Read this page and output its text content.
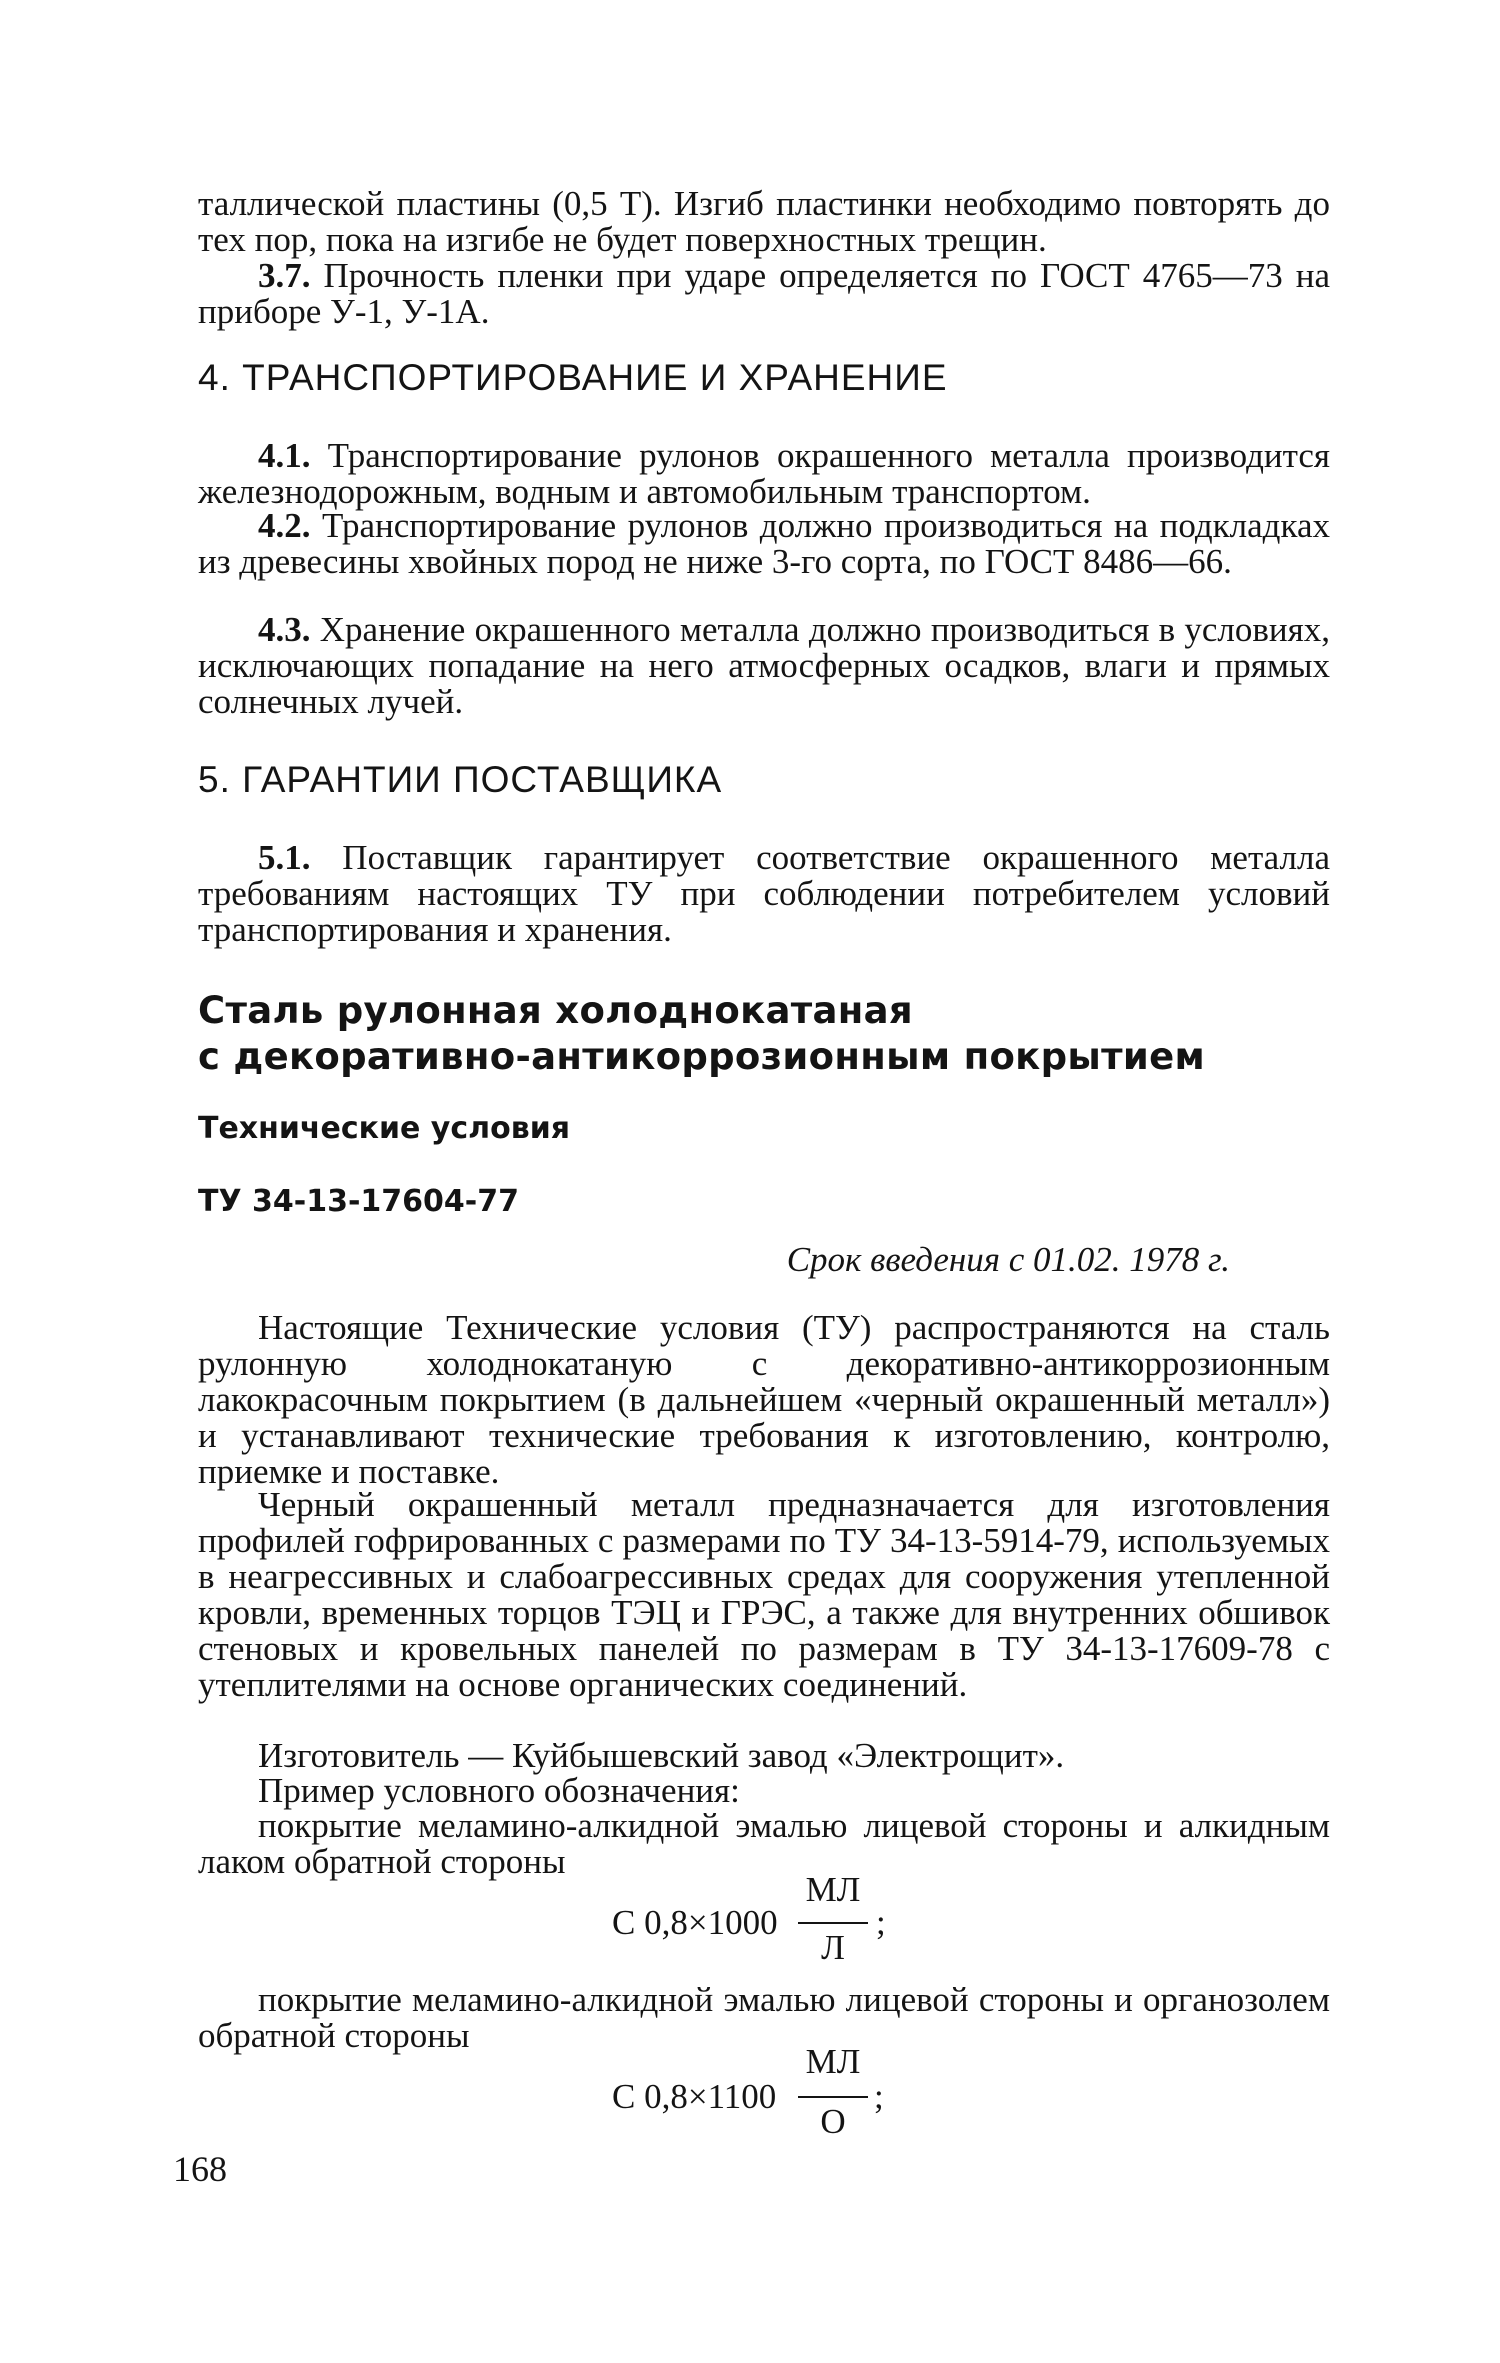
таллической пластины (0,5 Т). Изгиб пластинки необходимо повторять до тех пор, пока на изгибе не будет поверхностных трещин.
3.7. Прочность пленки при ударе определяется по ГОСТ 4765—73 на приборе У-1, У-1А.
4. ТРАНСПОРТИРОВАНИЕ И ХРАНЕНИЕ
4.1. Транспортирование рулонов окрашенного металла производится железнодорожным, водным и автомобильным транспортом.
4.2. Транспортирование рулонов должно производиться на подкладках из древесины хвойных пород не ниже 3-го сорта, по ГОСТ 8486—66.
4.3. Хранение окрашенного металла должно производиться в условиях, исключающих попадание на него атмосферных осадков, влаги и прямых солнечных лучей.
5. ГАРАНТИИ ПОСТАВЩИКА
5.1. Поставщик гарантирует соответствие окрашенного металла требованиям настоящих ТУ при соблюдении потребителем условий транспортирования и хранения.
Сталь рулонная холоднокатаная
с декоративно-антикоррозионным покрытием
Технические условия
ТУ 34-13-17604-77
Срок введения с 01.02. 1978 г.
Настоящие Технические условия (ТУ) распространяются на сталь рулонную холоднокатаную с декоративно-антикоррозионным лакокрасочным покрытием (в дальнейшем «черный окрашенный металл») и устанавливают технические требования к изготовлению, контролю, приемке и поставке.
Черный окрашенный металл предназначается для изготовления профилей гофрированных с размерами по ТУ 34-13-5914-79, используемых в неагрессивных и слабоагрессивных средах для сооружения утепленной кровли, временных торцов ТЭЦ и ГРЭС, а также для внутренних обшивок стеновых и кровельных панелей по размерам в ТУ 34-13-17609-78 с утеплителями на основе органических соединений.
Изготовитель — Куйбышевский завод «Электрощит».
Пример условного обозначения:
покрытие меламино-алкидной эмалью лицевой стороны и алкидным лаком обратной стороны
покрытие меламино-алкидной эмалью лицевой стороны и органозолем обратной стороны
С 0,8×1000
МЛ
Л
;
С 0,8×1100
МЛ
О
;
168
